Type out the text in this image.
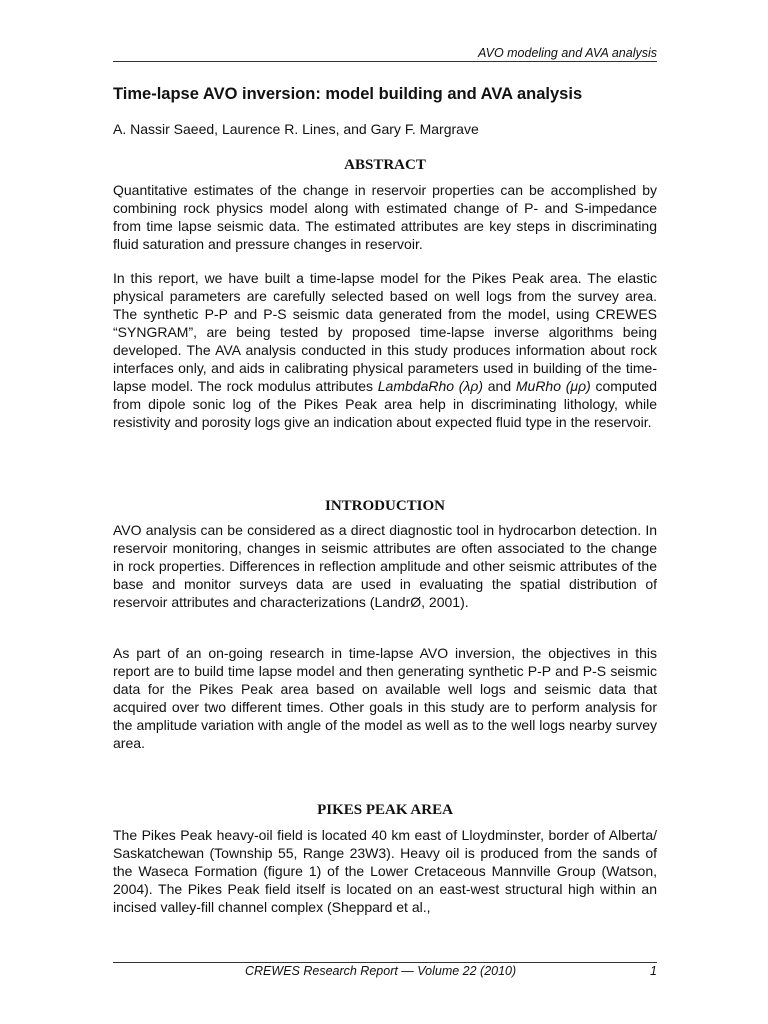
AVO modeling and AVA analysis
Time-lapse AVO inversion: model building and AVA analysis
A. Nassir Saeed, Laurence R. Lines, and Gary F. Margrave
ABSTRACT

Quantitative estimates of the change in reservoir properties can be accomplished by combining rock physics model along with estimated change of P- and S-impedance from time lapse seismic data. The estimated attributes are key steps in discriminating fluid saturation and pressure changes in reservoir.

In this report, we have built a time-lapse model for the Pikes Peak area. The elastic physical parameters are carefully selected based on well logs from the survey area. The synthetic P-P and P-S seismic data generated from the model, using CREWES “SYNGRAM”, are being tested by proposed time-lapse inverse algorithms being developed. The AVA analysis conducted in this study produces information about rock interfaces only, and aids in calibrating physical parameters used in building of the time-lapse model. The rock modulus attributes LambdaRho (λρ) and MuRho (μρ) computed from dipole sonic log of the Pikes Peak area help in discriminating lithology, while resistivity and porosity logs give an indication about expected fluid type in the reservoir.

INTRODUCTION

AVO analysis can be considered as a direct diagnostic tool in hydrocarbon detection. In reservoir monitoring, changes in seismic attributes are often associated to the change in rock properties. Differences in reflection amplitude and other seismic attributes of the base and monitor surveys data are used in evaluating the spatial distribution of reservoir attributes and characterizations (LandrØ, 2001).

As part of an on-going research in time-lapse AVO inversion, the objectives in this report are to build time lapse model and then generating synthetic P-P and P-S seismic data for the Pikes Peak area based on available well logs and seismic data that acquired over two different times. Other goals in this study are to perform analysis for the amplitude variation with angle of the model as well as to the well logs nearby survey area.

PIKES PEAK AREA

The Pikes Peak heavy-oil field is located 40 km east of Lloydminster, border of Alberta/ Saskatchewan (Township 55, Range 23W3). Heavy oil is produced from the sands of the Waseca Formation (figure 1) of the Lower Cretaceous Mannville Group (Watson, 2004). The Pikes Peak field itself is located on an east-west structural high within an incised valley-fill channel complex (Sheppard et al.,

CREWES Research Report — Volume 22 (2010)	1
